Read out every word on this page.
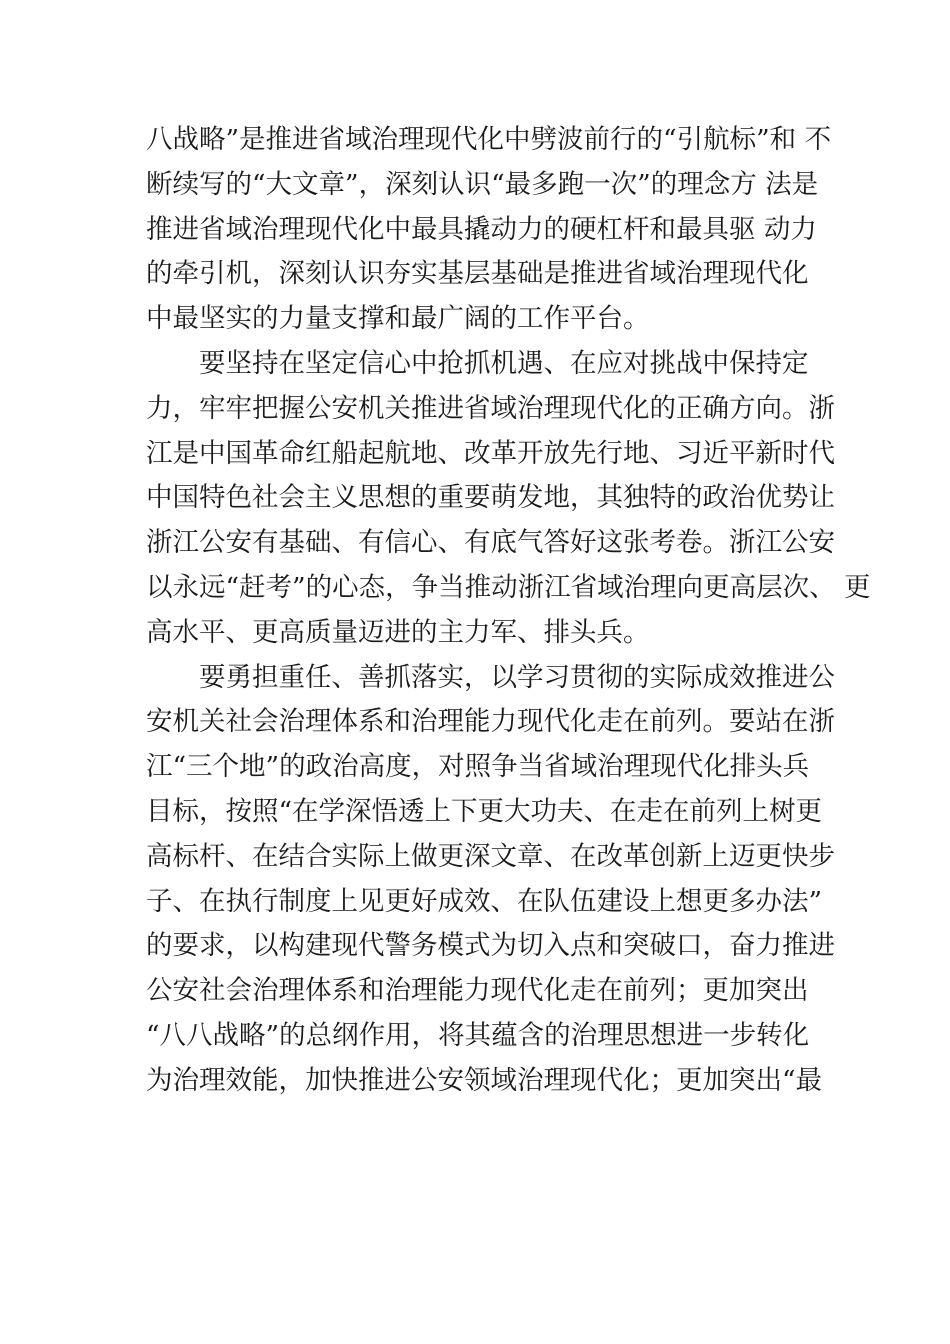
八战略”是推进省域治理现代化中劈波前行的“引航标”和 不
断续写的“大文章”，深刻认识“最多跑一次”的理念方 法是
推进省域治理现代化中最具撬动力的硬杠杆和最具驱 动力
的牵引机，深刻认识夯实基层基础是推进省域治理现代化
中最坚实的力量支撑和最广阔的工作平台。
要坚持在坚定信心中抢抓机遇、在应对挑战中保持定
力，牢牢把握公安机关推进省域治理现代化的正确方向。浙
江是中国革命红船起航地、改革开放先行地、习近平新时代
中国特色社会主义思想的重要萌发地，其独特的政治优势让
浙江公安有基础、有信心、有底气答好这张考卷。浙江公安
以永远“赶考”的心态，争当推动浙江省域治理向更高层次、 更
高水平、更高质量迈进的主力军、排头兵。
要勇担重任、善抓落实，以学习贯彻的实际成效推进公
安机关社会治理体系和治理能力现代化走在前列。要站在浙
江“三个地”的政治高度，对照争当省域治理现代化排头兵
目标，按照“在学深悟透上下更大功夫、在走在前列上树更
高标杆、在结合实际上做更深文章、在改革创新上迈更快步
子、在执行制度上见更好成效、在队伍建设上想更多办法”
的要求，以构建现代警务模式为切入点和突破口，奋力推进
公安社会治理体系和治理能力现代化走在前列；更加突出
“八八战略”的总纲作用，将其蕴含的治理思想进一步转化
为治理效能，加快推进公安领域治理现代化；更加突出“最
